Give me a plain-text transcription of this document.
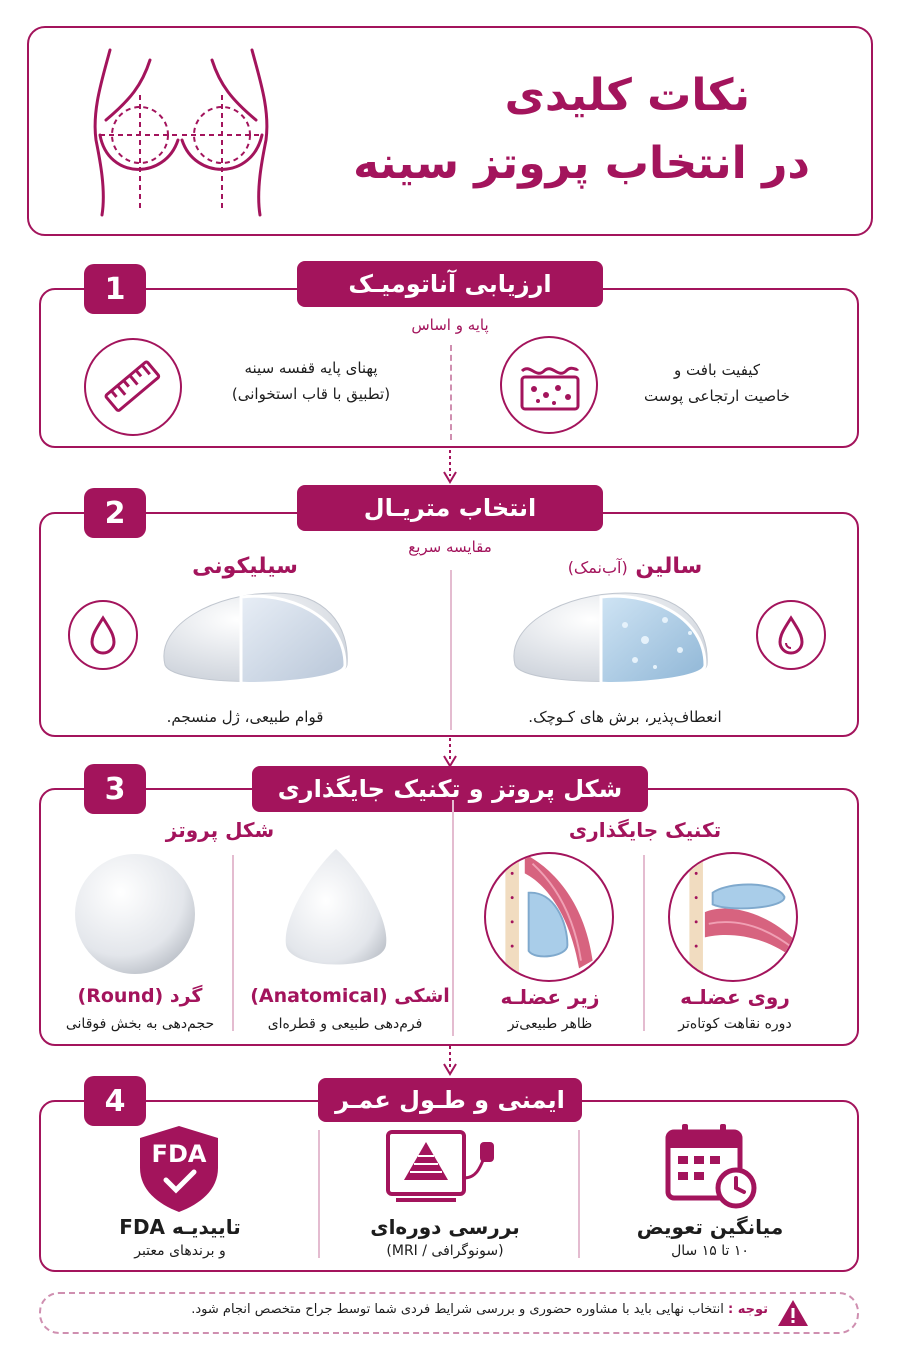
نکات کلیدی
در انتخاب پروتز سینه
1	ارزیابی آناتومیـک
پایه و اساس
پهنای پایه قفسه سینه
(تطبیق با قاب استخوانی)
کیفیت بافت و
خاصیت ارتجاعی پوست
2	انتخاب متریـال
مقایسه سریع
سیلیکونی
قوام طبیعی، ژل منسجم.
سالین (آب‌نمک)
انعطاف‌پذیر، برش‌ های کـوچک.
3	شکل پروتز و تکنیک جایگذاری
شکل پروتز	تکنیک جایگذاری
گرد (Round)
حجم‌دهی به بخش فوقانی
اشکی (Anatomical)
فرم‌دهی طبیعی و قطره‌ای
زیر عضلـه
ظاهر طبیعی‌تر
روی عضلـه
دوره نقاهت کوتاه‌تر
4	ایمنی و طـول عمـر
FDA
تاییدیـه FDA
و برندهای معتبر
بررسی دوره‌ای
(سونوگرافی / MRI)
میانگین تعویض
۱۰ تا ۱۵ سال
توجه : انتخاب نهایی باید با مشاوره حضوری و بررسی شرایط فردی شما توسط جراح متخصص انجام شود.
